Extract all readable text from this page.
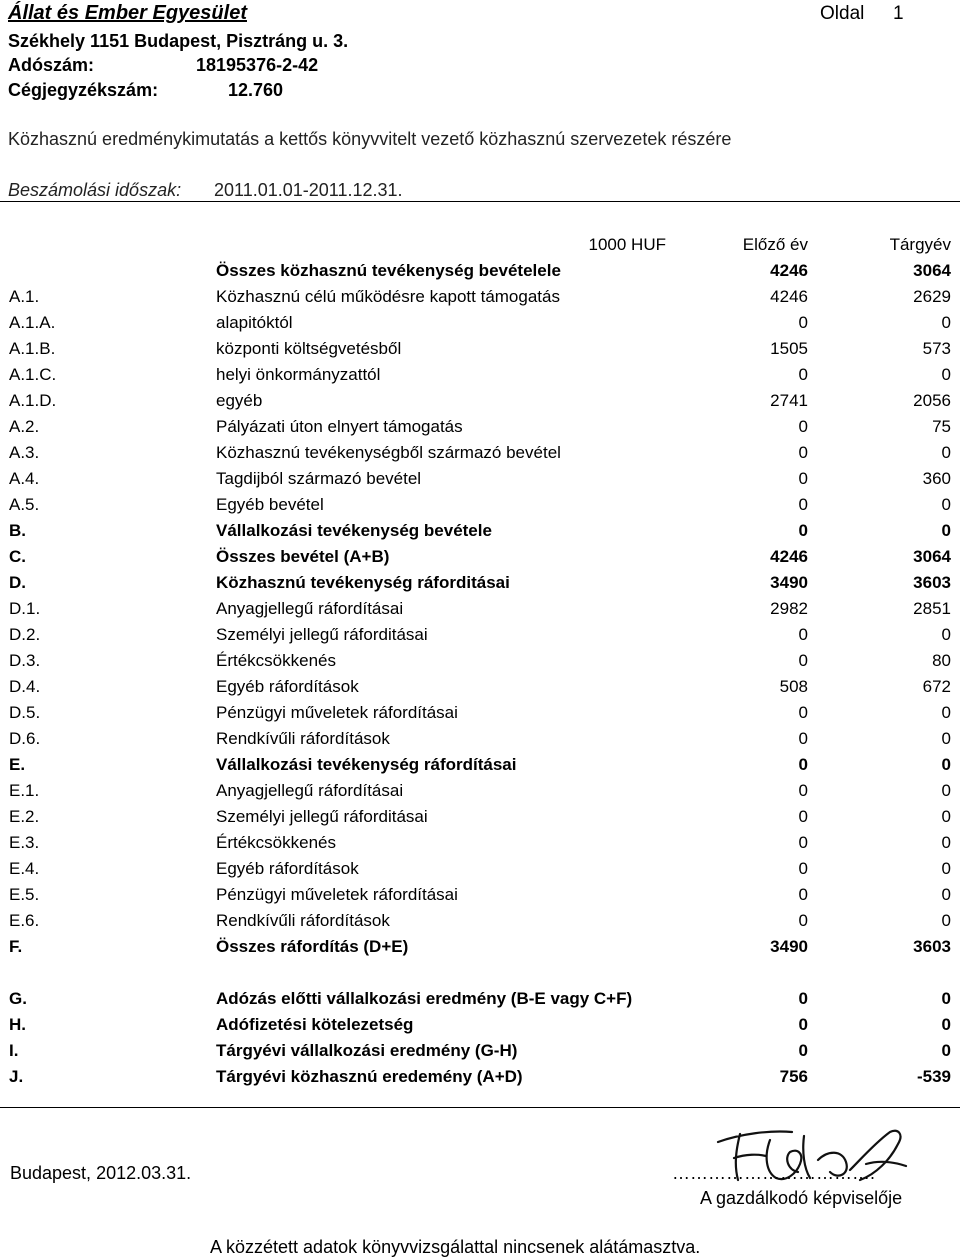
Állat és Ember Egyesület	Oldal 1
Székhely 1151 Budapest, Pisztráng u. 3.
Adószám:	18195376-2-42
Cégjegyzékszám:	12.760
Közhasznú eredménykimutatás a kettős könyvvitelt vezető közhasznú szervezetek részére
Beszámolási időszak: 2011.01.01-2011.12.31.
	1000 HUF	Előző év	Tárgyév
	Összes közhasznú tevékenység bevételele	4246	3064
A.1.	Közhasznú célú működésre kapott támogatás	4246	2629
A.1.A.	alapitóktól	0	0
A.1.B.	központi költségvetésből	1505	573
A.1.C.	helyi önkormányzattól	0	0
A.1.D.	egyéb	2741	2056
A.2.	Pályázati úton elnyert támogatás	0	75
A.3.	Közhasznú tevékenységből származó bevétel	0	0
A.4.	Tagdijból származó bevétel	0	360
A.5.	Egyéb bevétel	0	0
B.	Vállalkozási tevékenység bevétele	0	0
C.	Összes bevétel (A+B)	4246	3064
D.	Közhasznú tevékenység ráforditásai	3490	3603
D.1.	Anyagjellegű ráfordításai	2982	2851
D.2.	Személyi jellegű ráforditásai	0	0
D.3.	Értékcsökkenés	0	80
D.4.	Egyéb ráfordítások	508	672
D.5.	Pénzügyi műveletek ráfordításai	0	0
D.6.	Rendkívűli ráfordítások	0	0
E.	Vállalkozási tevékenység ráfordításai	0	0
E.1.	Anyagjellegű ráfordításai	0	0
E.2.	Személyi jellegű ráforditásai	0	0
E.3.	Értékcsökkenés	0	0
E.4.	Egyéb ráfordítások	0	0
E.5.	Pénzügyi műveletek ráfordításai	0	0
E.6.	Rendkívűli ráfordítások	0	0
F.	Összes ráfordítás (D+E)	3490	3603
G.	Adózás előtti vállalkozási eredmény (B-E vagy C+F)	0	0
H.	Adófizetési kötelezetség	0	0
I.	Tárgyévi vállalkozási eredmény (G-H)	0	0
J.	Tárgyévi közhasznú eredemény (A+D)	756	-539
Budapest, 2012.03.31.	…………………………….
A gazdálkodó képviselője
A közzétett adatok könyvvizsgálattal nincsenek alátámasztva.
